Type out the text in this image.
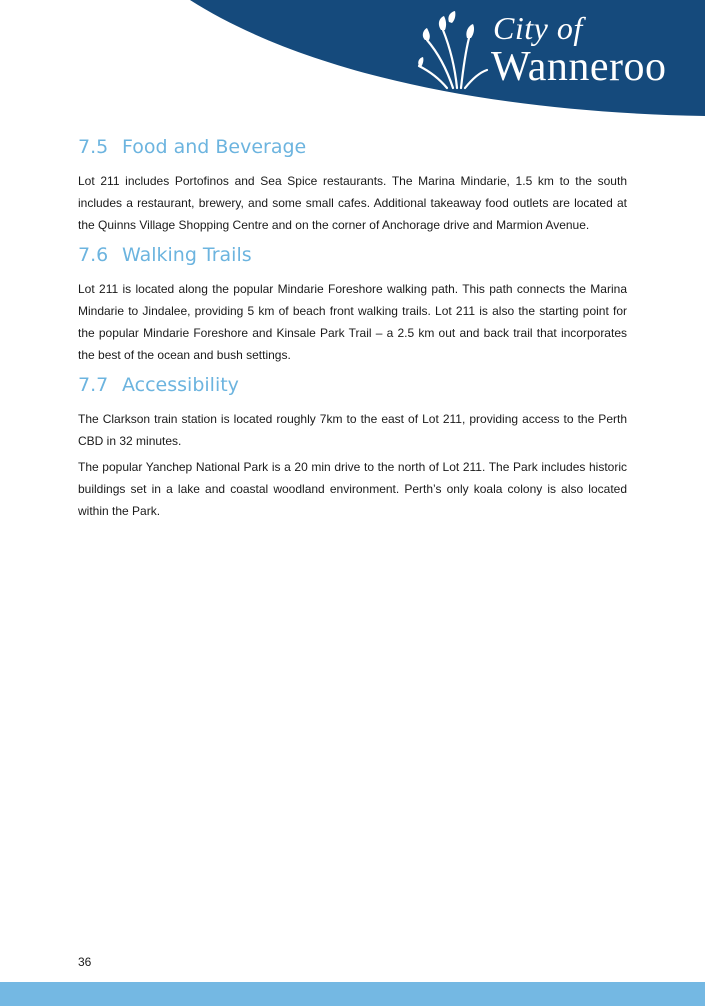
City of
Wanneroo
7.5 Food and Beverage

Lot 211 includes Portofinos and Sea Spice restaurants. The Marina Mindarie, 1.5 km to the south includes a restaurant, brewery, and some small cafes. Additional takeaway food outlets are located at the Quinns Village Shopping Centre and on the corner of Anchorage drive and Marmion Avenue.

7.6 Walking Trails

Lot 211 is located along the popular Mindarie Foreshore walking path. This path connects the Marina Mindarie to Jindalee, providing 5 km of beach front walking trails. Lot 211 is also the starting point for the popular Mindarie Foreshore and Kinsale Park Trail – a 2.5 km out and back trail that incorporates the best of the ocean and bush settings.

7.7 Accessibility

The Clarkson train station is located roughly 7km to the east of Lot 211, providing access to the Perth CBD in 32 minutes.

The popular Yanchep National Park is a 20 min drive to the north of Lot 211. The Park includes historic buildings set in a lake and coastal woodland environment. Perth’s only koala colony is also located within the Park.

36
